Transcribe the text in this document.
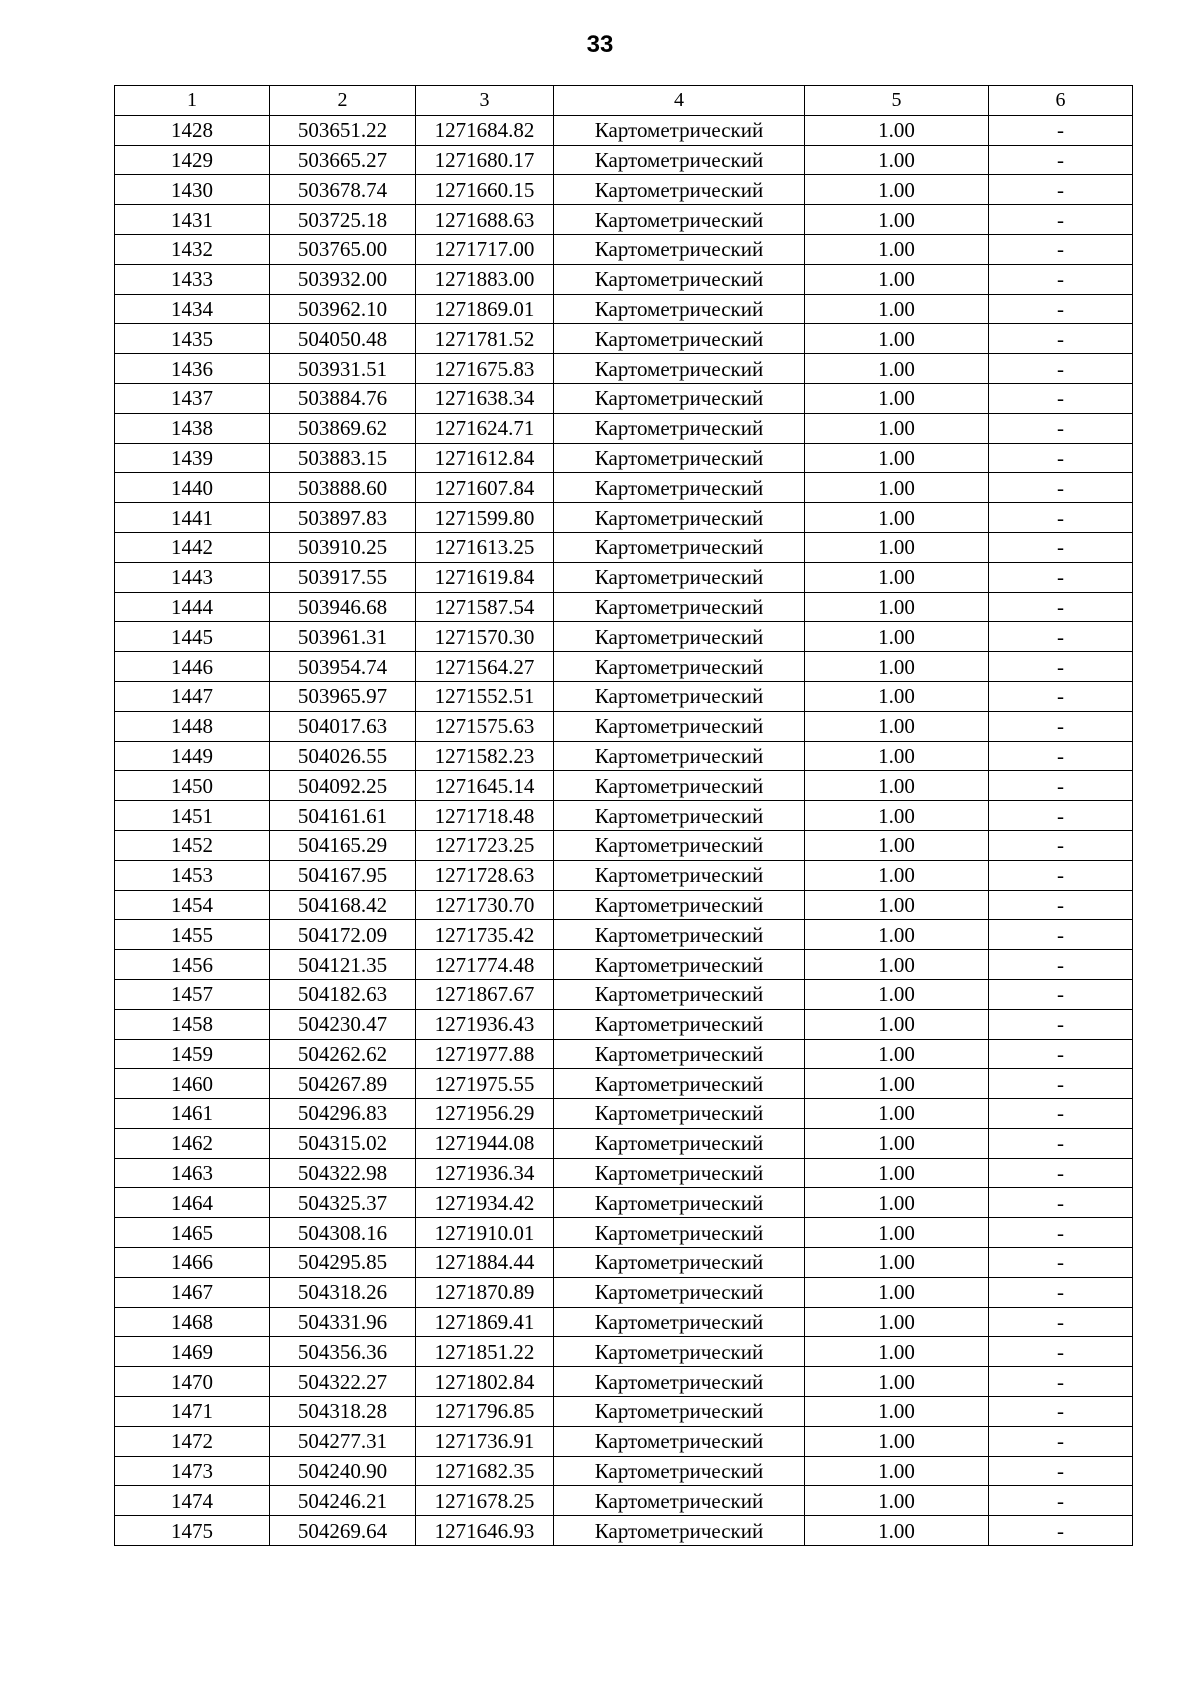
33
1	2	3	4	5	6
1428	503651.22	1271684.82	Картометрический	1.00	-
1429	503665.27	1271680.17	Картометрический	1.00	-
1430	503678.74	1271660.15	Картометрический	1.00	-
1431	503725.18	1271688.63	Картометрический	1.00	-
1432	503765.00	1271717.00	Картометрический	1.00	-
1433	503932.00	1271883.00	Картометрический	1.00	-
1434	503962.10	1271869.01	Картометрический	1.00	-
1435	504050.48	1271781.52	Картометрический	1.00	-
1436	503931.51	1271675.83	Картометрический	1.00	-
1437	503884.76	1271638.34	Картометрический	1.00	-
1438	503869.62	1271624.71	Картометрический	1.00	-
1439	503883.15	1271612.84	Картометрический	1.00	-
1440	503888.60	1271607.84	Картометрический	1.00	-
1441	503897.83	1271599.80	Картометрический	1.00	-
1442	503910.25	1271613.25	Картометрический	1.00	-
1443	503917.55	1271619.84	Картометрический	1.00	-
1444	503946.68	1271587.54	Картометрический	1.00	-
1445	503961.31	1271570.30	Картометрический	1.00	-
1446	503954.74	1271564.27	Картометрический	1.00	-
1447	503965.97	1271552.51	Картометрический	1.00	-
1448	504017.63	1271575.63	Картометрический	1.00	-
1449	504026.55	1271582.23	Картометрический	1.00	-
1450	504092.25	1271645.14	Картометрический	1.00	-
1451	504161.61	1271718.48	Картометрический	1.00	-
1452	504165.29	1271723.25	Картометрический	1.00	-
1453	504167.95	1271728.63	Картометрический	1.00	-
1454	504168.42	1271730.70	Картометрический	1.00	-
1455	504172.09	1271735.42	Картометрический	1.00	-
1456	504121.35	1271774.48	Картометрический	1.00	-
1457	504182.63	1271867.67	Картометрический	1.00	-
1458	504230.47	1271936.43	Картометрический	1.00	-
1459	504262.62	1271977.88	Картометрический	1.00	-
1460	504267.89	1271975.55	Картометрический	1.00	-
1461	504296.83	1271956.29	Картометрический	1.00	-
1462	504315.02	1271944.08	Картометрический	1.00	-
1463	504322.98	1271936.34	Картометрический	1.00	-
1464	504325.37	1271934.42	Картометрический	1.00	-
1465	504308.16	1271910.01	Картометрический	1.00	-
1466	504295.85	1271884.44	Картометрический	1.00	-
1467	504318.26	1271870.89	Картометрический	1.00	-
1468	504331.96	1271869.41	Картометрический	1.00	-
1469	504356.36	1271851.22	Картометрический	1.00	-
1470	504322.27	1271802.84	Картометрический	1.00	-
1471	504318.28	1271796.85	Картометрический	1.00	-
1472	504277.31	1271736.91	Картометрический	1.00	-
1473	504240.90	1271682.35	Картометрический	1.00	-
1474	504246.21	1271678.25	Картометрический	1.00	-
1475	504269.64	1271646.93	Картометрический	1.00	-
